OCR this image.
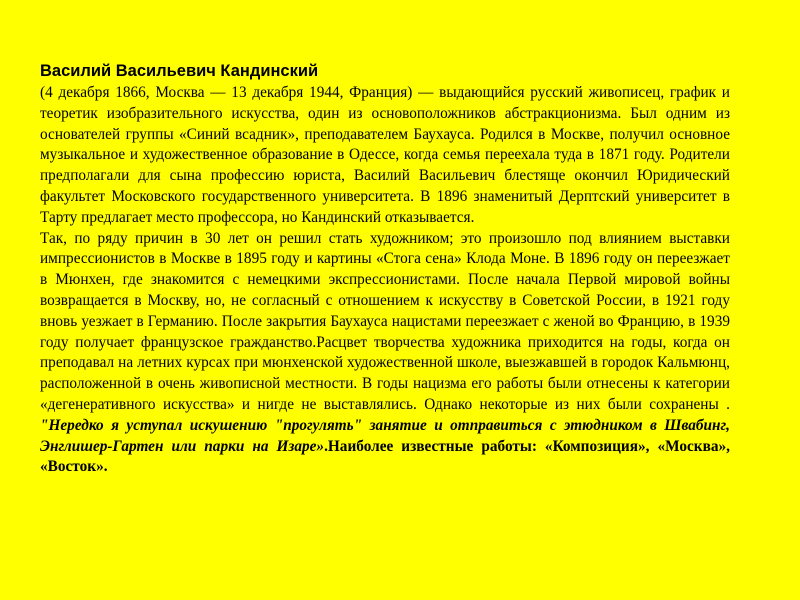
Василий Васильевич Кандинский

(4 декабря 1866, Москва — 13 декабря 1944, Франция) — выдающийся русский живописец, график и теоретик изобразительного искусства, один из основоположников абстракционизма. Был одним из основателей группы «Синий всадник», преподавателем Баухауса. Родился в Москве, получил основное музыкальное и художественное образование в Одессе, когда семья переехала туда в 1871 году. Родители предполагали для сына профессию юриста, Василий Васильевич блестяще окончил Юридический факультет Московского государственного университета. В 1896 знаменитый Дерптский университет в Тарту предлагает место профессора, но Кандинский отказывается.

Так, по ряду причин в 30 лет он решил стать художником; это произошло под влиянием выставки импрессионистов в Москве в 1895 году и картины «Стога сена» Клода Моне. В 1896 году он переезжает в Мюнхен, где знакомится с немецкими экспрессионистами. После начала Первой мировой войны возвращается в Москву, но, не согласный с отношением к искусству в Советской России, в 1921 году вновь уезжает в Германию. После закрытия Баухауса нацистами переезжает с женой во Францию, в 1939 году получает французское гражданство.Расцвет творчества художника приходится на годы, когда он преподавал на летних курсах при мюнхенской художественной школе, выезжавшей в городок Кальмюнц, расположенной в очень живописной местности. В годы нацизма его работы были отнесены к категории «дегенеративного искусства» и нигде не выставлялись. Однако некоторые из них были сохранены . "Нередко я уступал искушению "прогулять" занятие и отправиться с этюдником в Швабинг, Энглишер-Гартен или парки на Изаре».Наиболее известные работы: «Композиция», «Москва», «Восток».
